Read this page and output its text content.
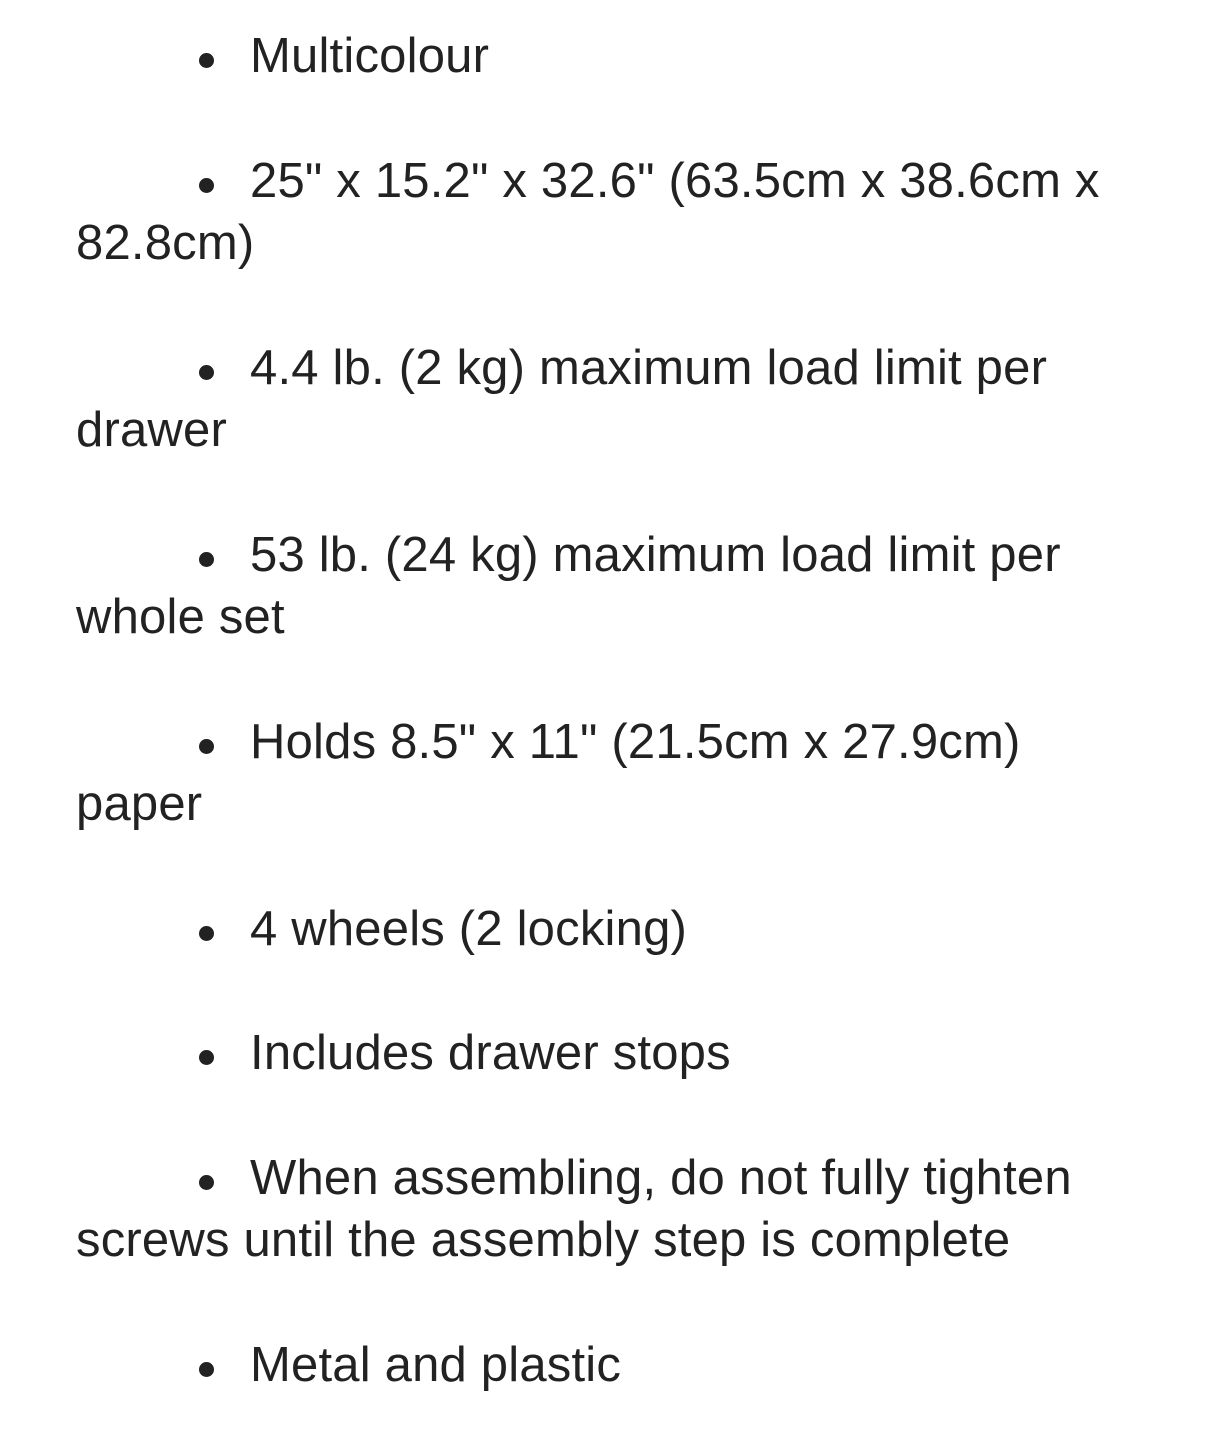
Multicolour
25" x 15.2" x 32.6" (63.5cm x 38.6cm x 82.8cm)
4.4 lb. (2 kg) maximum load limit per drawer
53 lb. (24 kg) maximum load limit per whole set
Holds 8.5" x 11" (21.5cm x 27.9cm) paper
4 wheels (2 locking)
Includes drawer stops
When assembling, do not fully tighten screws until the assembly step is complete
Metal and plastic
